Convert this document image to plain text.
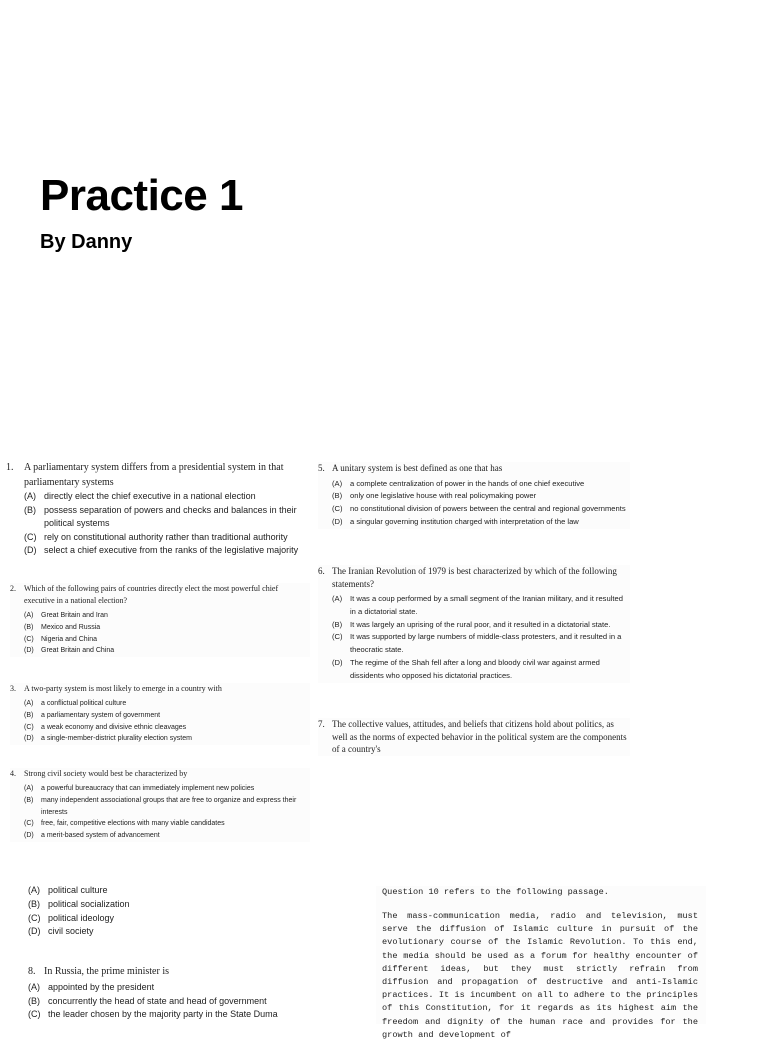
Practice 1
By Danny
1.	A parliamentary system differs from a presidential system in that parliamentary systems
(A) directly elect the chief executive in a national election
(B) possess separation of powers and checks and balances in their political systems
(C) rely on constitutional authority rather than traditional authority
(D) select a chief executive from the ranks of the legislative majority
2.	Which of the following pairs of countries directly elect the most powerful chief executive in a national election?
(A)	Great Britain and Iran
(B)	Mexico and Russia
(C)	Nigeria and China
(D)	Great Britain and China
3.	A two-party system is most likely to emerge in a country with
(A)	a conflictual political culture
(B)	a parliamentary system of government
(C)	a weak economy and divisive ethnic cleavages
(D)	a single-member-district plurality election system
4.	Strong civil society would best be characterized by
(A)	a powerful bureaucracy that can immediately implement new policies
(B)	many independent associational groups that are free to organize and express their interests
(C)	free, fair, competitive elections with many viable candidates
(D)	a merit-based system of advancement
5. A unitary system is best defined as one that has
(A)	a complete centralization of power in the hands of one chief executive
(B)	only one legislative house with real policymaking power
(C) no constitutional division of powers between the central and regional governments
(D) a singular governing institution charged with interpretation of the law
6. The Iranian Revolution of 1979 is best characterized by which of the following statements?
(A)	It was a coup performed by a small segment of the Iranian military, and it resulted in a dictatorial state.
(B)	It was largely an uprising of the rural poor, and it resulted in a dictatorial state.
(C) It was supported by large numbers of middle-class protesters, and it resulted in a theocratic state.
(D) The regime of the Shah fell after a long and bloody civil war against armed dissidents who opposed his dictatorial practices.
7. The collective values, attitudes, and beliefs that citizens hold about politics, as well as the norms of expected behavior in the political system are the components of a country's
(A) political culture
(B) political socialization
(C) political ideology
(D) civil society
8. In Russia, the prime minister is
(A) appointed by the president
(B) concurrently the head of state and head of government
(C) the leader chosen by the majority party in the State Duma

Question 10 refers to the following passage.

The mass-communication media, radio and television, must serve the diffusion of Islamic culture in pursuit of the evolutionary course of the Islamic Revolution. To this end, the media should be used as a forum for healthy encounter of different ideas, but they must strictly refrain from diffusion and propagation of destructive and anti-Islamic practices. It is incumbent on all to adhere to the principles of this Constitution, for it regards as its highest aim the freedom and dignity of the human race and provides for the growth and development of
